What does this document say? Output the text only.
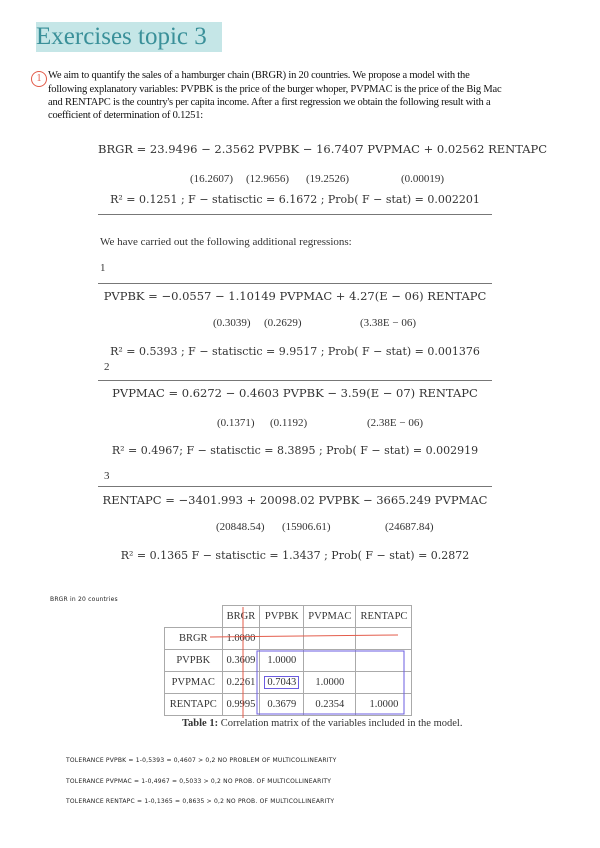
Exercises topic 3
1 We aim to quantify the sales of a hamburger chain (BRGR) in 20 countries. We propose a model with the
following explanatory variables: PVPBK is the price of the burger whoper, PVPMAC is the price of the Big Mac
and RENTAPC is the country's per capita income. After a first regression we obtain the following result with a
coefficient of determination of 0.1251:
BRGR = 23.9496 − 2.3562 PVPBK − 16.7407 PVPMAC + 0.02562 RENTAPC
(16.2607) (12.9656) (19.2526)	(0.00019)
R² = 0.1251 ; F − statisctic = 6.1672 ; Prob( F − stat) = 0.002201
We have carried out the following additional regressions:
1
PVPBK = −0.0557 − 1.10149 PVPMAC + 4.27(E − 06) RENTAPC
(0.3039) (0.2629)	(3.38E − 06)
R² = 0.5393 ; F − statisctic = 9.9517 ; Prob( F − stat) = 0.001376
2
PVPMAC = 0.6272 − 0.4603 PVPBK − 3.59(E − 07) RENTAPC
(0.1371) (0.1192)	(2.38E − 06)
R² = 0.4967; F − statisctic = 8.3895 ; Prob( F − stat) = 0.002919
3
RENTAPC = −3401.993 + 20098.02 PVPBK − 3665.249 PVPMAC
(20848.54) (15906.61)	(24687.84)
R² = 0.1365 F − statisctic = 1.3437 ; Prob( F − stat) = 0.2872
BRGR in 20 countries
	BRGR	PVPBK	PVPMAC	RENTAPC
BRGR	1.0000			
PVPBK	0.3609	1.0000		
PVPMAC	0.2261	0.7043	1.0000	
RENTAPC	0.9995	0.3679	0.2354	1.0000
Table 1: Correlation matrix of the variables included in the model.
TOLERANCE PVPBK = 1-0,5393 = 0,4607 > 0,2 NO PROBLEM OF MULTICOLLINEARITY
TOLERANCE PVPMAC = 1-0,4967 = 0,5033 > 0,2 NO PROB. OF MULTICOLLINEARITY
TOLERANCE RENTAPC = 1-0,1365 = 0,8635 > 0,2 NO PROB. OF MULTICOLLINEARITY
